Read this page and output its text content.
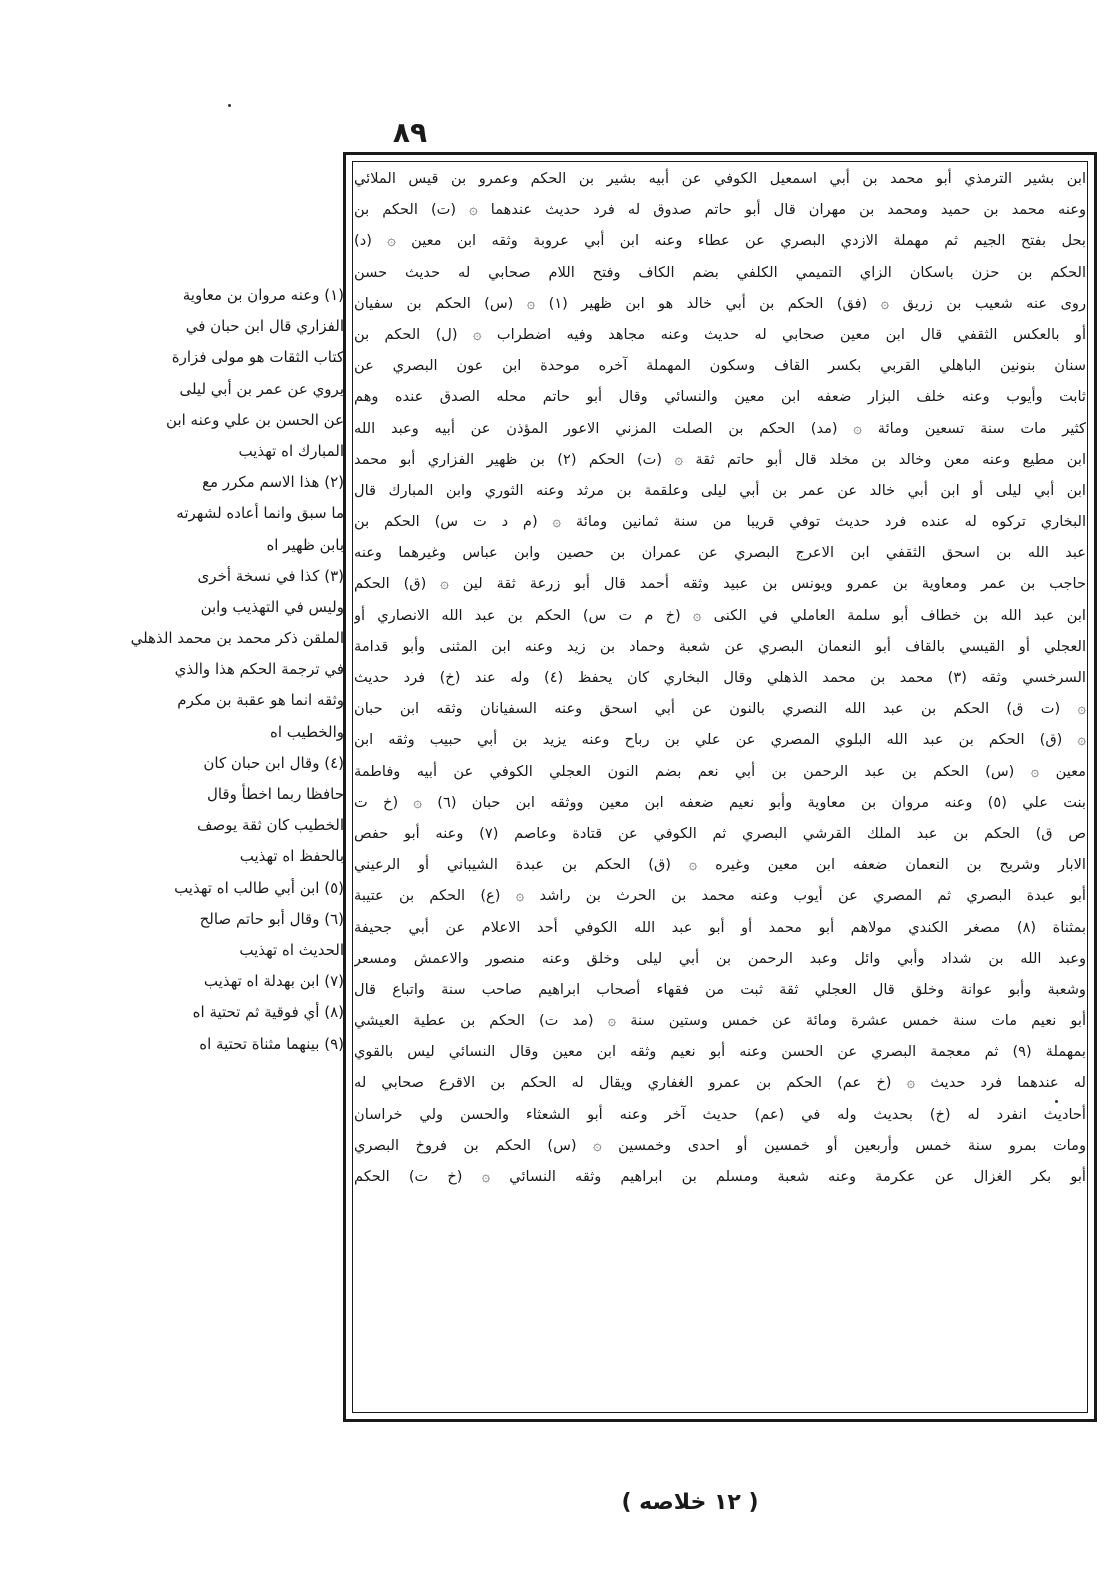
٨٩
ابن بشير الترمذي أبو محمد بن أبي اسمعيل الكوفي عن أبيه بشير بن الحكم وعمرو بن قيس الملائي
وعنه محمد بن حميد ومحمد بن مهران قال أبو حاتم صدوق له فرد حديث عندهما ۞ (ت) الحكم بن
بحل بفتح الجيم ثم مهملة الازدي البصري عن عطاء وعنه ابن أبي عروبة وثقه ابن معين ۞ (د)
الحكم بن حزن باسكان الزاي التميمي الكلفي بضم الكاف وفتح اللام صحابي له حديث حسن
روى عنه شعيب بن زريق ۞ (فق) الحكم بن أبي خالد هو ابن ظهير (١) ۞ (س) الحكم بن سفيان
أو بالعكس الثقفي قال ابن معين صحابي له حديث وعنه مجاهد وفيه اضطراب ۞ (ل) الحكم بن
سنان بنونين الباهلي القربي بكسر القاف وسكون المهملة آخره موحدة ابن عون البصري عن
ثابت وأيوب وعنه خلف البزار ضعفه ابن معين والنسائي وقال أبو حاتم محله الصدق عنده وهم
كثير مات سنة تسعين ومائة ۞ (مد) الحكم بن الصلت المزني الاعور المؤذن عن أبيه وعبد الله
ابن مطيع وعنه معن وخالد بن مخلد قال أبو حاتم ثقة ۞ (ت) الحكم (٢) بن ظهير الفزاري أبو محمد
ابن أبي ليلى أو ابن أبي خالد عن عمر بن أبي ليلى وعلقمة بن مرثد وعنه الثوري وابن المبارك قال
البخاري تركوه له عنده فرد حديث توفي قريبا من سنة ثمانين ومائة ۞ (م د ت س) الحكم بن
عبد الله بن اسحق الثقفي ابن الاعرج البصري عن عمران بن حصين وابن عباس وغيرهما وعنه
حاجب بن عمر ومعاوية بن عمرو ويونس بن عبيد وثقه أحمد قال أبو زرعة ثقة لين ۞ (ق) الحكم
ابن عبد الله بن خطاف أبو سلمة العاملي في الكنى ۞ (خ م ت س) الحكم بن عبد الله الانصاري أو
العجلي أو القيسي بالقاف أبو النعمان البصري عن شعبة وحماد بن زيد وعنه ابن المثنى وأبو قدامة
السرخسي وثقه (٣) محمد بن محمد الذهلي وقال البخاري كان يحفظ (٤) وله عند (خ) فرد حديث
۞ (ت ق) الحكم بن عبد الله النصري بالنون عن أبي اسحق وعنه السفيانان وثقه ابن حبان
۞ (ق) الحكم بن عبد الله البلوي المصري عن علي بن رباح وعنه يزيد بن أبي حبيب وثقه ابن
معين ۞ (س) الحكم بن عبد الرحمن بن أبي نعم بضم النون العجلي الكوفي عن أبيه وفاطمة
بنت علي (٥) وعنه مروان بن معاوية وأبو نعيم ضعفه ابن معين ووثقه ابن حبان (٦) ۞ (خ ت
ص ق) الحكم بن عبد الملك القرشي البصري ثم الكوفي عن قتادة وعاصم (٧) وعنه أبو حفص
الابار وشريح بن النعمان ضعفه ابن معين وغيره ۞ (ق) الحكم بن عبدة الشيباني أو الرعيني
أبو عبدة البصري ثم المصري عن أيوب وعنه محمد بن الحرث بن راشد ۞ (ع) الحكم بن عتيبة
بمثناة (٨) مصغر الكندي مولاهم أبو محمد أو أبو عبد الله الكوفي أحد الاعلام عن أبي جحيفة
وعبد الله بن شداد وأبي وائل وعبد الرحمن بن أبي ليلى وخلق وعنه منصور والاعمش ومسعر
وشعبة وأبو عوانة وخلق قال العجلي ثقة ثبت من فقهاء أصحاب ابراهيم صاحب سنة واتباع قال
أبو نعيم مات سنة خمس عشرة ومائة عن خمس وستين سنة ۞ (مد ت) الحكم بن عطية العيشي
بمهملة (٩) ثم معجمة البصري عن الحسن وعنه أبو نعيم وثقه ابن معين وقال النسائي ليس بالقوي
له عندهما فرد حديث ۞ (خ عم) الحكم بن عمرو الغفاري ويقال له الحكم بن الاقرع صحابي له
أحاديث انفرد له (خ) بحديث وله في (عم) حديث آخر وعنه أبو الشعثاء والحسن ولي خراسان
ومات بمرو سنة خمس وأربعين أو خمسين أو احدى وخمسين ۞ (س) الحكم بن فروخ البصري
أبو بكر الغزال عن عكرمة وعنه شعبة ومسلم بن ابراهيم وثقه النسائي ۞ (خ ت) الحكم
(١) وعنه مروان بن معاوية
الفزاري قال ابن حبان في
كتاب الثقات هو مولى فزارة
يروي عن عمر بن أبي ليلى
عن الحسن بن علي وعنه ابن
المبارك اه تهذيب
(٢) هذا الاسم مكرر مع
ما سبق وانما أعاده لشهرته
بابن ظهير اه
(٣) كذا في نسخة أخرى
وليس في التهذيب وابن
الملقن ذكر محمد بن محمد الذهلي
في ترجمة الحكم هذا والذي
وثقه انما هو عقبة بن مكرم
والخطيب اه
(٤) وقال ابن حبان كان
حافظا ربما اخطأ وقال
الخطيب كان ثقة يوصف
بالحفظ اه تهذيب
(٥) ابن أبي طالب اه تهذيب
(٦) وقال أبو حاتم صالح
الحديث اه تهذيب
(٧) ابن بهدلة اه تهذيب
(٨) أي فوقية ثم تحتية اه
(٩) بينهما مثناة تحتية اه
( ١٢ خلاصه )
